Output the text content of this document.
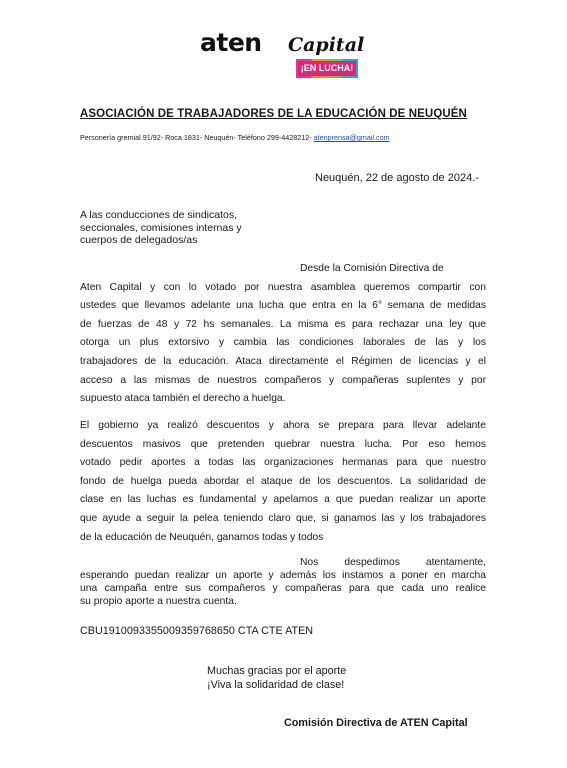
aten Capital
¡EN LUCHA!
ASOCIACIÓN DE TRABAJADORES DE LA EDUCACIÓN DE NEUQUÉN
Personería gremial 91/92- Roca 1831- Neuquén- Teléfono 299-4428212- atenprensa@gmail.com
Neuquén, 22 de agosto de 2024.-
A las conducciones de sindicatos,
seccionales, comisiones internas y
cuerpos de delegados/as
Desde la Comisión Directiva de
Aten Capital y con lo votado por nuestra asamblea queremos compartir con
ustedes que llevamos adelante una lucha que entra en la 6° semana de medidas
de fuerzas de 48 y 72 hs semanales. La misma es para rechazar una ley que
otorga un plus extorsivo y cambia las condiciones laborales de las y los
trabajadores de la educación. Ataca directamente el Régimen de licencias y el
acceso a las mismas de nuestros compañeros y compañeras suplentes y por
supuesto ataca también el derecho a huelga.
El gobierno ya realizó descuentos y ahora se prepara para llevar adelante
descuentos masivos que pretenden quebrar nuestra lucha. Por eso hemos
votado pedir aportes a todas las organizaciones hermanas para que nuestro
fondo de huelga pueda abordar el ataque de los descuentos. La solidaridad de
clase en las luchas es fundamental y apelamos a que puedan realizar un aporte
que ayude a seguir la pelea teniendo claro que, si ganamos las y los trabajadores
de la educación de Neuquén, ganamos todas y todos
Nos despedimos atentamente,
esperando puedan realizar un aporte y además los instamos a poner en marcha
una campaña entre sus compañeros y compañeras para que cada uno realice
su propio aporte a nuestra cuenta.
CBU1910093355009359768650 CTA CTE ATEN
Muchas gracias por el aporte
¡Viva la solidaridad de clase!
Comisión Directiva de ATEN Capital
